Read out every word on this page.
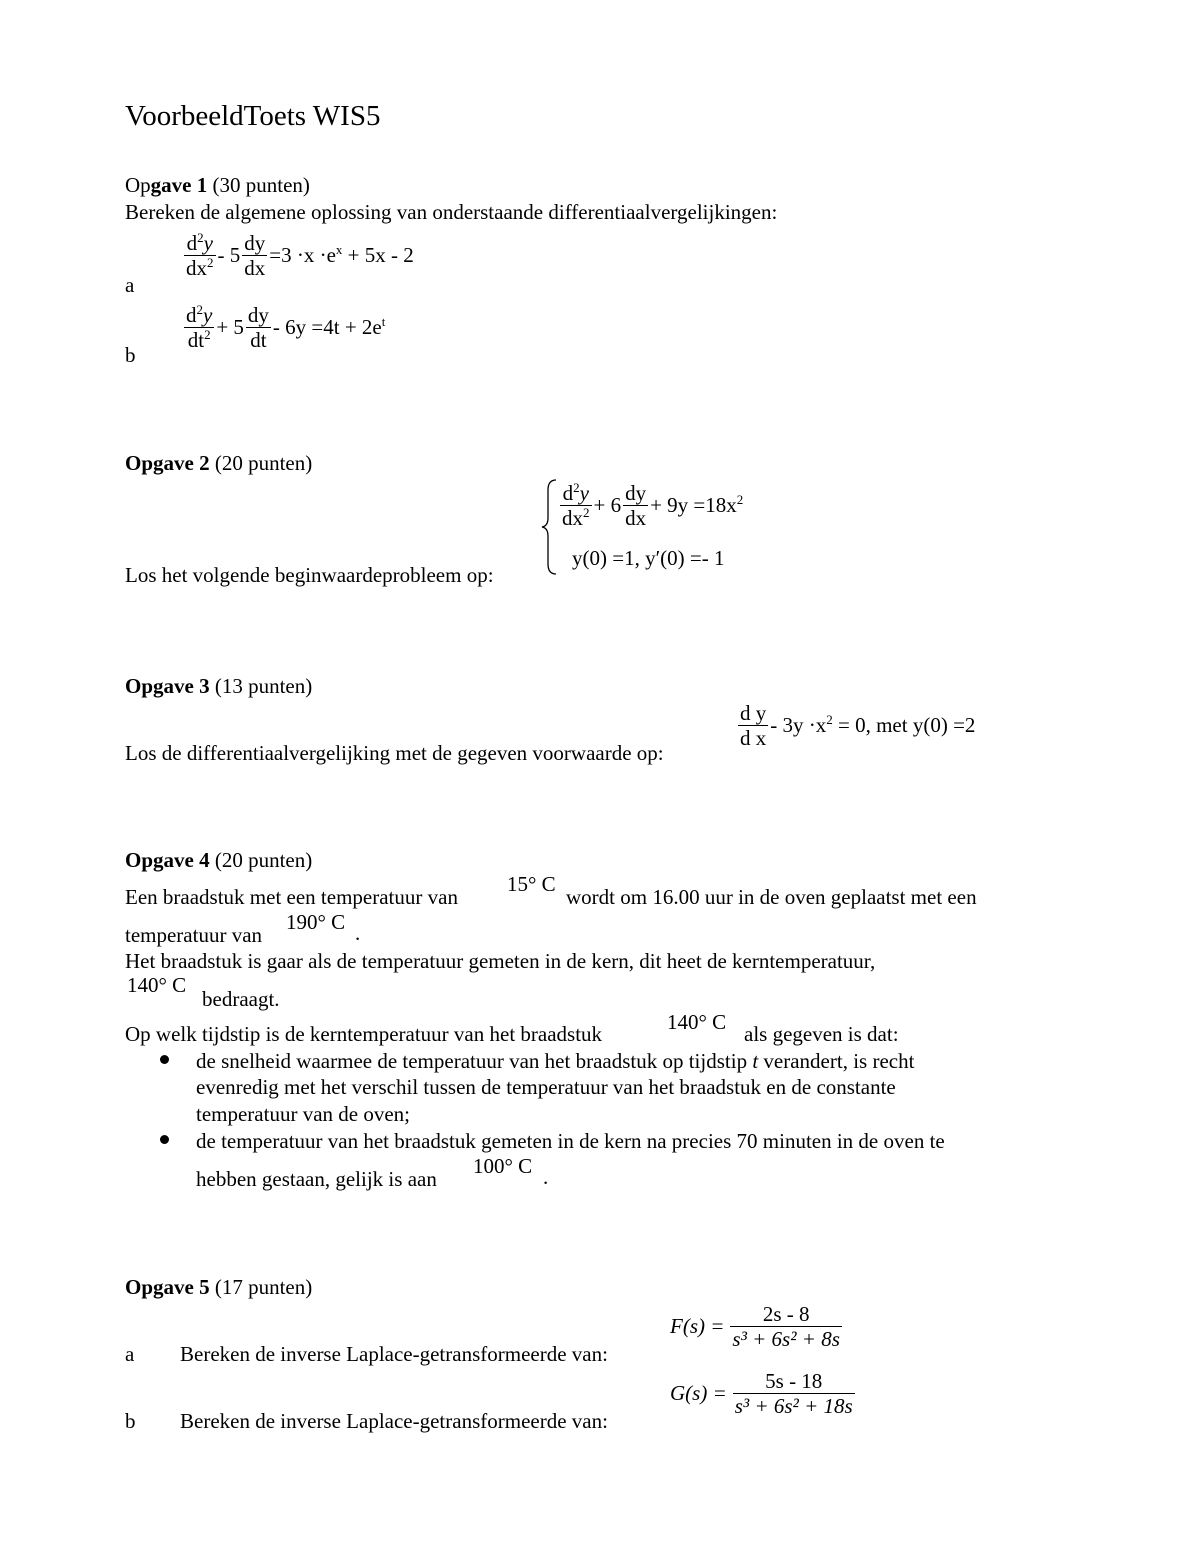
VoorbeeldToets WIS5
Opgave 1 (30 punten)
Bereken de algemene oplossing van onderstaande differentiaalvergelijkingen:
a
$\frac{d^2y}{dx^2} - 5 \frac{dy}{dx} =3 \cdot x \cdot e^x + 5x - 2$
b
$\frac{d^2y}{dt^2} + 5 \frac{dy}{dt} - 6y =4t + 2e^t$
Opgave 2 (20 punten)
Los het volgende beginwaardeprobleem op:
$\frac{d^2y}{dx^2} + 6 \frac{dy}{dx} + 9y =18x^2$
y(0) =1, y′(0) =- 1
Opgave 3 (13 punten)
Los de differentiaalvergelijking met de gegeven voorwaarde op:
$\frac{\text{d y}}{\text{d x}} - 3y \cdot x^2 = 0$, met y(0) =2
Opgave 4 (20 punten)
Een braadstuk met een temperatuur van
15° C
wordt om 16.00 uur in de oven geplaatst met een
temperatuur van
190° C .
Het braadstuk is gaar als de temperatuur gemeten in de kern, dit heet de kerntemperatuur,
140° C
bedraagt.
Op welk tijdstip is de kerntemperatuur van het braadstuk	140° C als gegeven is dat:
de snelheid waarmee de temperatuur van het braadstuk op tijdstip t verandert, is recht
evenredig met het verschil tussen de temperatuur van het braadstuk en de constante
temperatuur van de oven;
de temperatuur van het braadstuk gemeten in de kern na precies 70 minuten in de oven te
hebben gestaan, gelijk is aan
100° C .
Opgave 5 (17 punten)
a Bereken de inverse Laplace-getransformeerde van:
$F(s) = \frac{2s - 8}{\text{s³ + 6s² + 8s}}$
b Bereken de inverse Laplace-getransformeerde van:
$G(s) = \frac{5s - 18}{\text{s³ + 6s² + 18s}}$
